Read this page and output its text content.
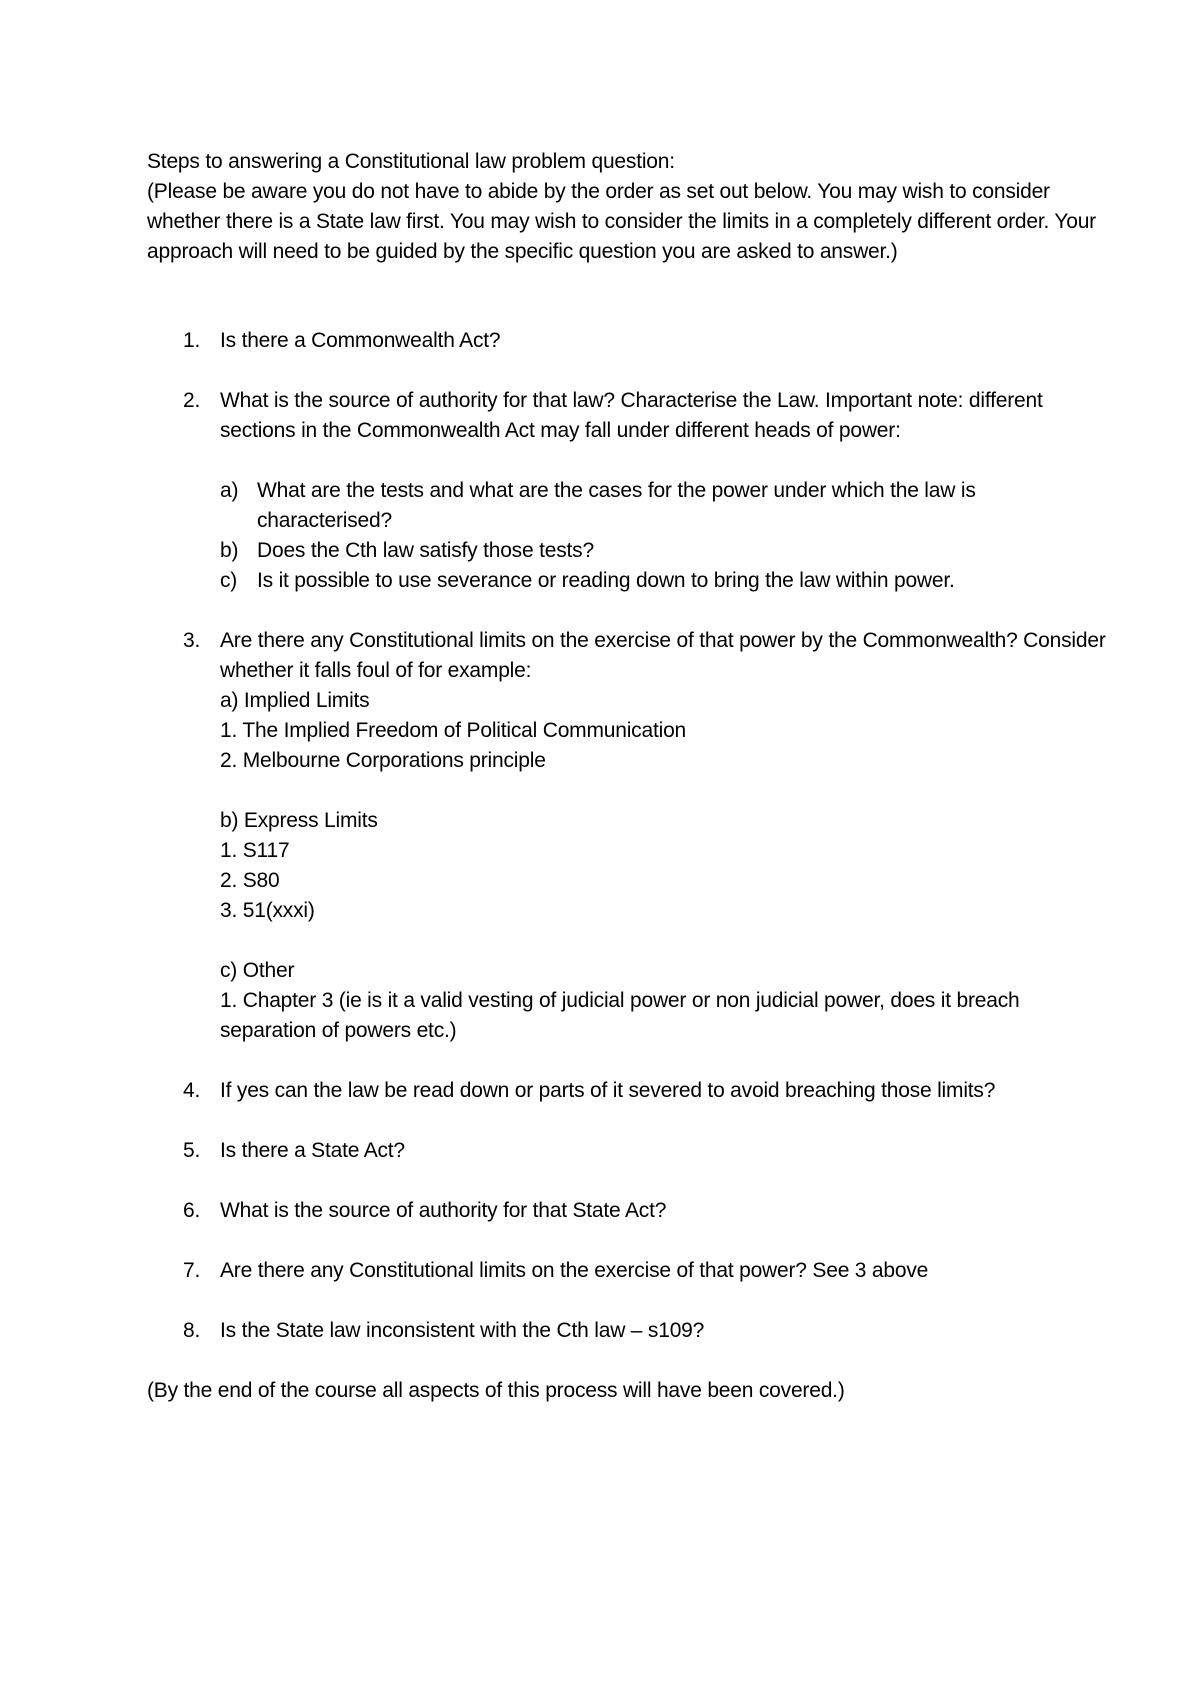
Steps to answering a Constitutional law problem question:

(Please be aware you do not have to abide by the order as set out below. You may wish to consider whether there is a State law first. You may wish to consider the limits in a completely different order. Your approach will need to be guided by the specific question you are asked to answer.)

1. Is there a Commonwealth Act?
2. What is the source of authority for that law? Characterise the Law. Important note: different sections in the Commonwealth Act may fall under different heads of power:
a) What are the tests and what are the cases for the power under which the law is characterised?
b) Does the Cth law satisfy those tests?
c) Is it possible to use severance or reading down to bring the law within power.
3. Are there any Constitutional limits on the exercise of that power by the Commonwealth? Consider whether it falls foul of for example:
a) Implied Limits
1. The Implied Freedom of Political Communication
2. Melbourne Corporations principle
b) Express Limits
1. S117
2. S80
3. 51(xxxi)
c) Other
1. Chapter 3 (ie is it a valid vesting of judicial power or non judicial power, does it breach separation of powers etc.)
4. If yes can the law be read down or parts of it severed to avoid breaching those limits?
5. Is there a State Act?
6. What is the source of authority for that State Act?
7. Are there any Constitutional limits on the exercise of that power? See 3 above
8. Is the State law inconsistent with the Cth law – s109?

(By the end of the course all aspects of this process will have been covered.)
